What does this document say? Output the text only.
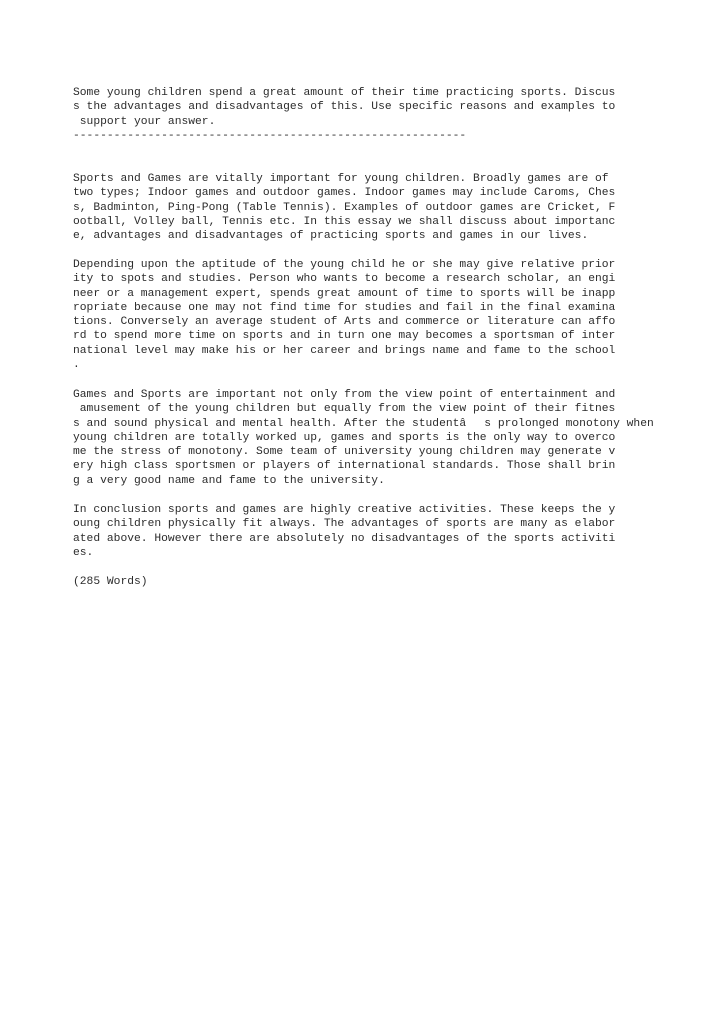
Some young children spend a great amount of their time practicing sports. Discus
s the advantages and disadvantages of this. Use specific reasons and examples to
support your answer.
----------------------------------------------------------
Sports and Games are vitally important for young children. Broadly games are of
two types; Indoor games and outdoor games. Indoor games may include Caroms, Ches
s, Badminton, Ping-Pong (Table Tennis). Examples of outdoor games are Cricket, F
ootball, Volley ball, Tennis etc. In this essay we shall discuss about importanc
e, advantages and disadvantages of practicing sports and games in our lives.
Depending upon the aptitude of the young child he or she may give relative prior
ity to spots and studies. Person who wants to become a research scholar, an engi
neer or a management expert, spends great amount of time to sports will be inapp
ropriate because one may not find time for studies and fail in the final examina
tions. Conversely an average student of Arts and commerce or literature can affo
rd to spend more time on sports and in turn one may becomes a sportsman of inter
national level may make his or her career and brings name and fame to the school
.
Games and Sports are important not only from the view point of entertainment and
amusement of the young children but equally from the view point of their fitnes
s and sound physical and mental health. After the studentâs prolonged monotony when
young children are totally worked up, games and sports is the only way to overco
me the stress of monotony. Some team of university young children may generate v
ery high class sportsmen or players of international standards. Those shall brin
g a very good name and fame to the university.
In conclusion sports and games are highly creative activities. These keeps the y
oung children physically fit always. The advantages of sports are many as elabor
ated above. However there are absolutely no disadvantages of the sports activiti
es.
(285 Words)
